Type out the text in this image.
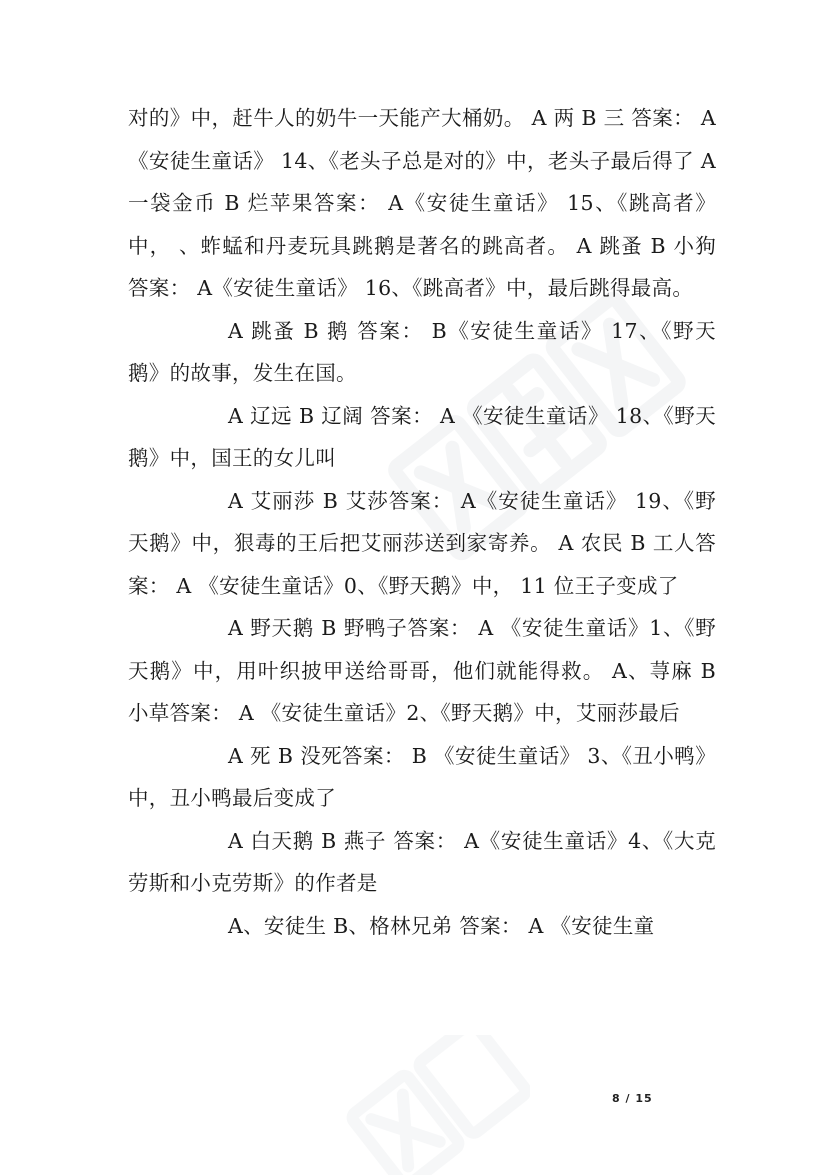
对的》中，赶牛人的奶牛一天能产大桶奶。 A 两 B 三 答案： A 《安徒生童话》 14、《老头子总是对的》中，老头子最后得了 A 一袋金币 B 烂苹果答案： A《安徒生童话》 15、《跳高者》中， 、蚱蜢和丹麦玩具跳鹅是著名的跳高者。 A 跳蚤 B 小狗 答案： A《安徒生童话》 16、《跳高者》中，最后跳得最高。

A 跳蚤 B 鹅 答案： B《安徒生童话》 17、《野天鹅》的故事，发生在国。

A 辽远 B 辽阔 答案： A 《安徒生童话》 18、《野天鹅》中，国王的女儿叫

A 艾丽莎 B 艾莎答案： A《安徒生童话》 19、《野天鹅》中，狠毒的王后把艾丽莎送到家寄养。 A 农民 B 工人答案： A 《安徒生童话》0、《野天鹅》中， 11 位王子变成了

A 野天鹅 B 野鸭子答案： A 《安徒生童话》1、《野天鹅》中，用叶织披甲送给哥哥，他们就能得救。 A、荨麻 B 小草答案： A 《安徒生童话》2、《野天鹅》中，艾丽莎最后

A 死 B 没死答案： B 《安徒生童话》 3、《丑小鸭》中，丑小鸭最后变成了

A 白天鹅 B 燕子 答案： A《安徒生童话》4、《大克劳斯和小克劳斯》的作者是

A、安徒生 B、格林兄弟 答案： A 《安徒生童

8 / 15
